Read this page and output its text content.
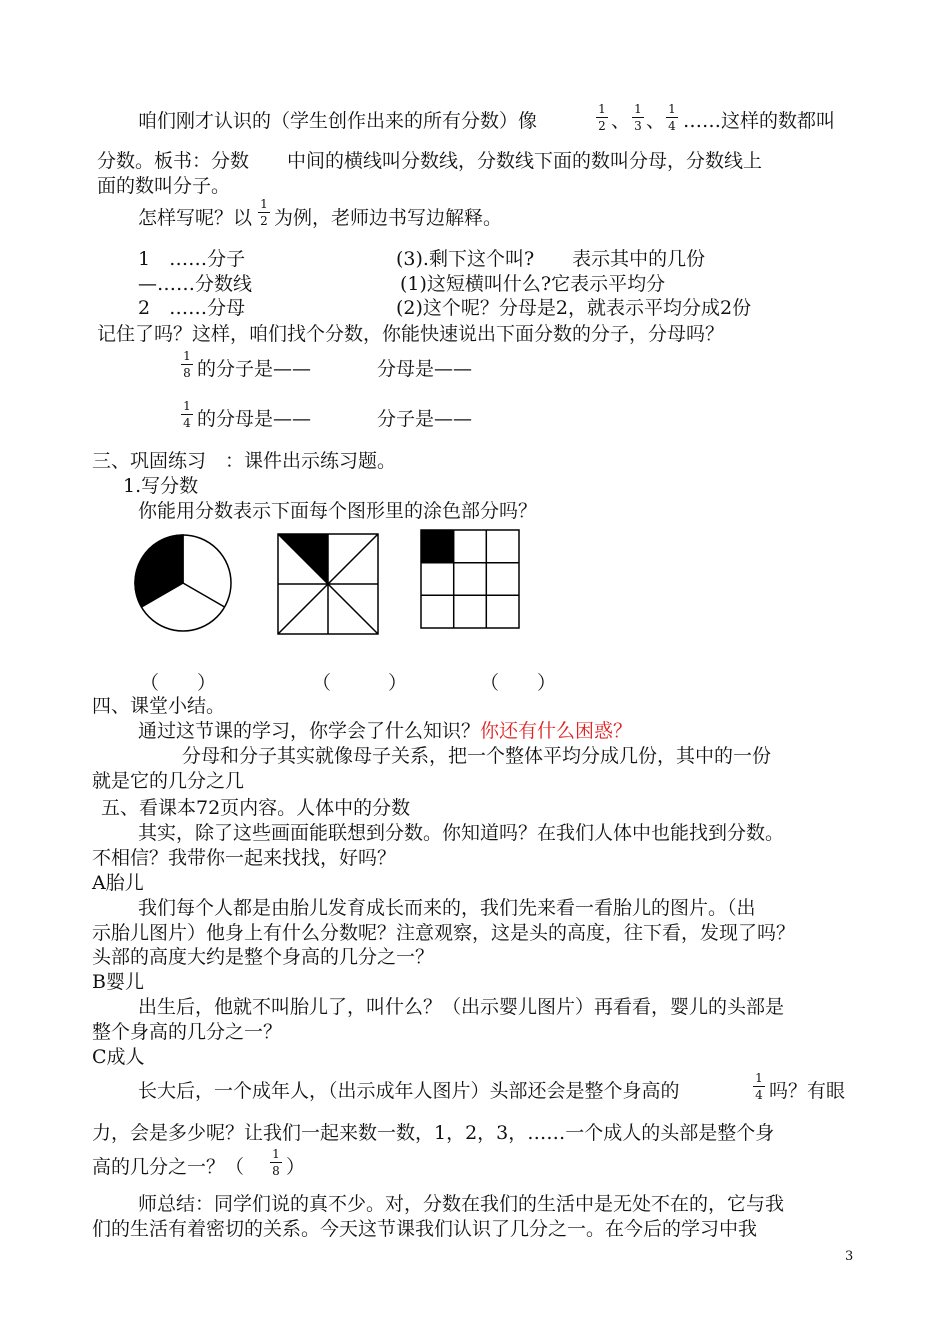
咱们刚才认识的（学生创作出来的所有分数）像	$\frac{1}{2}$ 、 $\frac{1}{3}$ 、 $\frac{1}{4}$ ……这样的数都叫
分数。板书：分数　　中间的横线叫分数线，分数线下面的数叫分母，分数线上
面的数叫分子。
怎样写呢？以 $\frac{1}{2}$ 为例，老师边书写边解释。
1　……分子	(3).剩下这个叫?　　表示其中的几份
—……分数线	(1)这短横叫什么?它表示平均分
2　……分母	(2)这个呢？分母是2，就表示平均分成2份
记住了吗？这样，咱们找个分数，你能快速说出下面分数的分子，分母吗？
$\frac{1}{8}$ 的分子是——	分母是——
$\frac{1}{4}$ 的分母是——	分子是——
三、巩固练习　：课件出示练习题。
1.写分数
你能用分数表示下面每个图形里的涂色部分吗？
（　　）	（　　　）	（　　）
四、课堂小结。
通过这节课的学习，你学会了什么知识？你还有什么困惑？
分母和分子其实就像母子关系，把一个整体平均分成几份，其中的一份
就是它的几分之几
五、看课本72页内容。人体中的分数
其实，除了这些画面能联想到分数。你知道吗？在我们人体中也能找到分数。
不相信？我带你一起来找找，好吗？
A胎儿
我们每个人都是由胎儿发育成长而来的，我们先来看一看胎儿的图片。（出
示胎儿图片）他身上有什么分数呢？注意观察，这是头的高度，往下看，发现了吗？
头部的高度大约是整个身高的几分之一？
B婴儿
出生后，他就不叫胎儿了，叫什么？（出示婴儿图片）再看看，婴儿的头部是
整个身高的几分之一？
C成人
长大后，一个成年人，（出示成年人图片）头部还会是整个身高的	$\frac{1}{4}$ 吗？有眼
力，会是多少呢？让我们一起来数一数，1，2，3，……一个成人的头部是整个身
高的几分之一？（ $\frac{1}{8}$ ）
师总结：同学们说的真不少。对，分数在我们的生活中是无处不在的，它与我
们的生活有着密切的关系。今天这节课我们认识了几分之一。在今后的学习中我
3
